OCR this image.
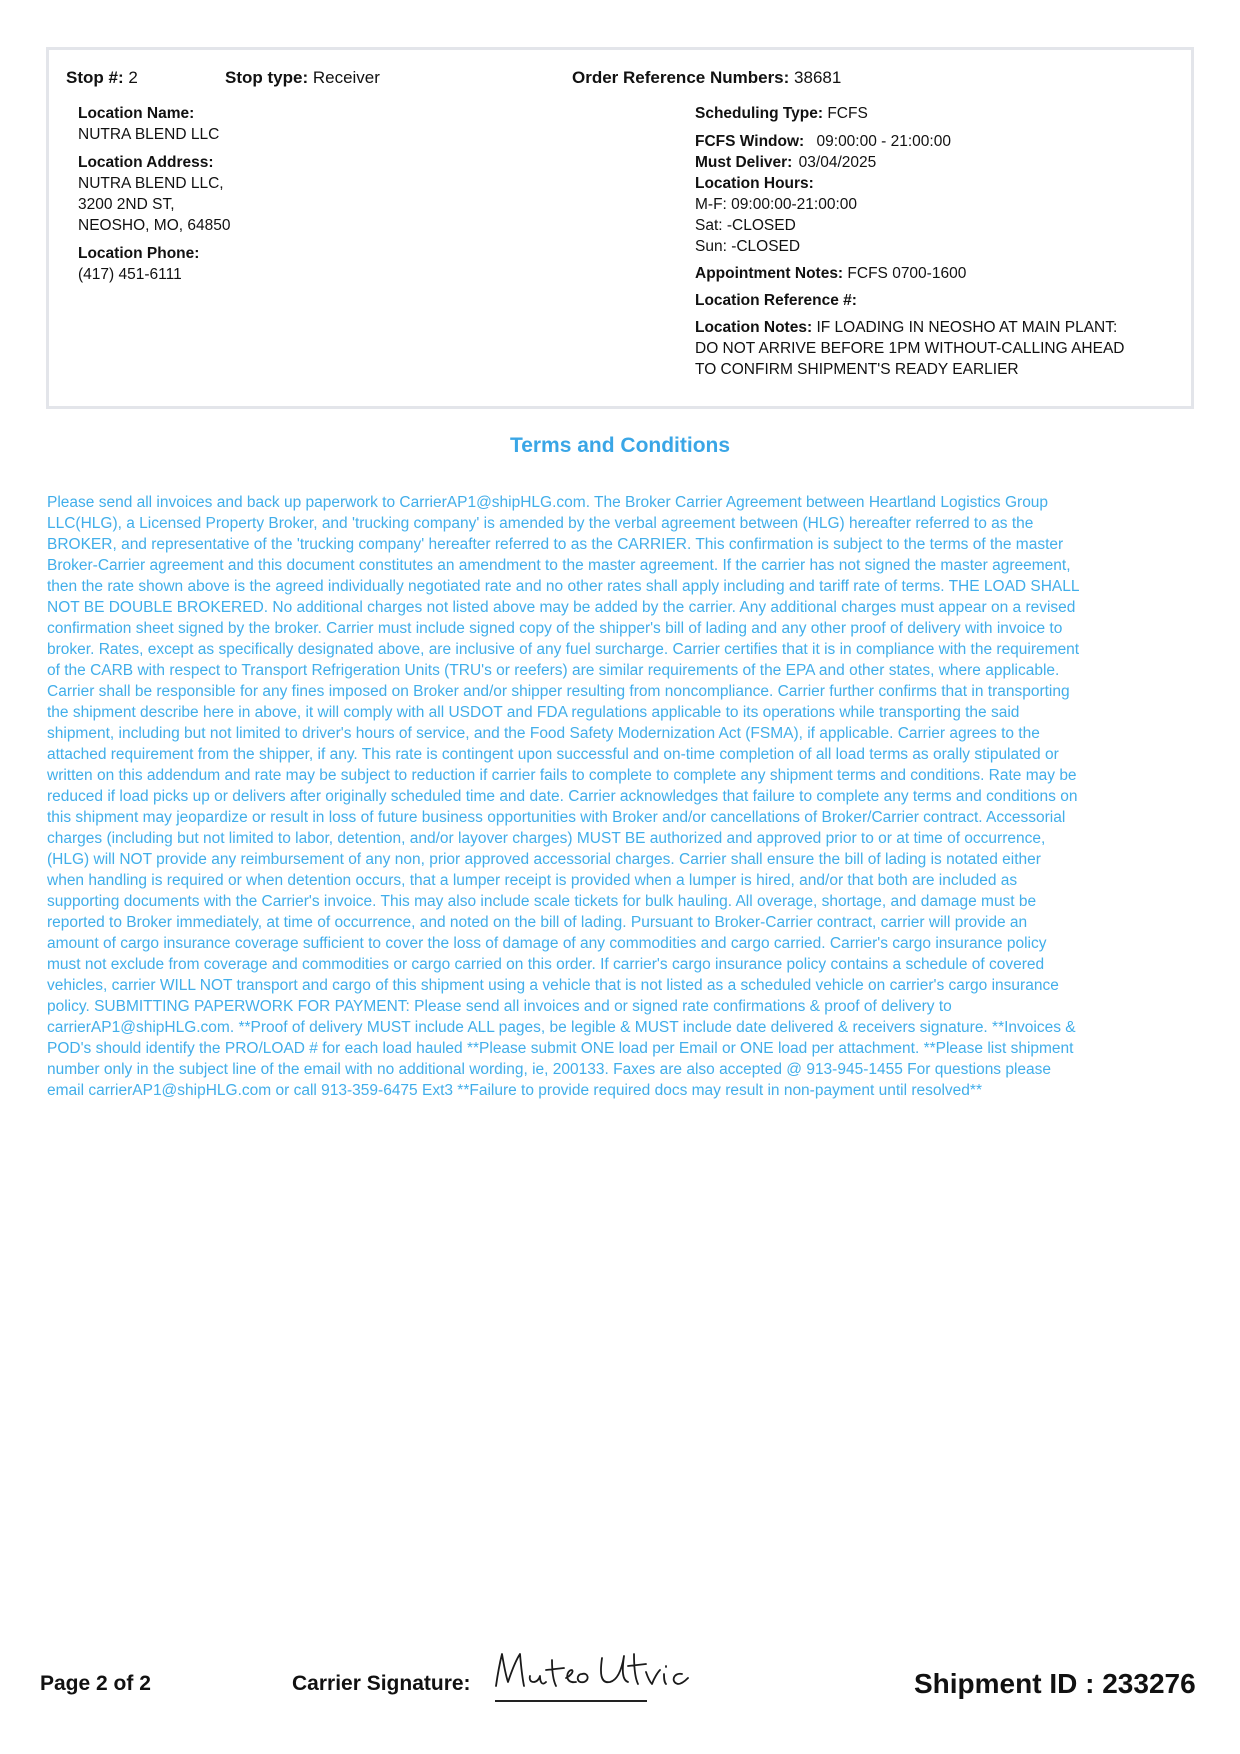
Stop #: 2	Stop type: Receiver	Order Reference Numbers: 38681
Location Name:
NUTRA BLEND LLC
Location Address:
NUTRA BLEND LLC,
3200 2ND ST,
NEOSHO, MO, 64850
Location Phone:
(417) 451-6111
Scheduling Type: FCFS
FCFS Window: 09:00:00 - 21:00:00
Must Deliver: 03/04/2025
Location Hours:
M-F: 09:00:00-21:00:00
Sat: -CLOSED
Sun: -CLOSED
Appointment Notes: FCFS 0700-1600
Location Reference #:
Location Notes: IF LOADING IN NEOSHO AT MAIN PLANT:
DO NOT ARRIVE BEFORE 1PM WITHOUT-CALLING AHEAD
TO CONFIRM SHIPMENT'S READY EARLIER
Terms and Conditions
Please send all invoices and back up paperwork to CarrierAP1@shipHLG.com. The Broker Carrier Agreement between Heartland Logistics Group
LLC(HLG), a Licensed Property Broker, and 'trucking company' is amended by the verbal agreement between (HLG) hereafter referred to as the
BROKER, and representative of the 'trucking company' hereafter referred to as the CARRIER. This confirmation is subject to the terms of the master
Broker-Carrier agreement and this document constitutes an amendment to the master agreement. If the carrier has not signed the master agreement,
then the rate shown above is the agreed individually negotiated rate and no other rates shall apply including and tariff rate of terms. THE LOAD SHALL
NOT BE DOUBLE BROKERED. No additional charges not listed above may be added by the carrier. Any additional charges must appear on a revised
confirmation sheet signed by the broker. Carrier must include signed copy of the shipper's bill of lading and any other proof of delivery with invoice to
broker. Rates, except as specifically designated above, are inclusive of any fuel surcharge. Carrier certifies that it is in compliance with the requirement
of the CARB with respect to Transport Refrigeration Units (TRU's or reefers) are similar requirements of the EPA and other states, where applicable.
Carrier shall be responsible for any fines imposed on Broker and/or shipper resulting from noncompliance. Carrier further confirms that in transporting
the shipment describe here in above, it will comply with all USDOT and FDA regulations applicable to its operations while transporting the said
shipment, including but not limited to driver's hours of service, and the Food Safety Modernization Act (FSMA), if applicable. Carrier agrees to the
attached requirement from the shipper, if any. This rate is contingent upon successful and on-time completion of all load terms as orally stipulated or
written on this addendum and rate may be subject to reduction if carrier fails to complete to complete any shipment terms and conditions. Rate may be
reduced if load picks up or delivers after originally scheduled time and date. Carrier acknowledges that failure to complete any terms and conditions on
this shipment may jeopardize or result in loss of future business opportunities with Broker and/or cancellations of Broker/Carrier contract. Accessorial
charges (including but not limited to labor, detention, and/or layover charges) MUST BE authorized and approved prior to or at time of occurrence,
(HLG) will NOT provide any reimbursement of any non, prior approved accessorial charges. Carrier shall ensure the bill of lading is notated either
when handling is required or when detention occurs, that a lumper receipt is provided when a lumper is hired, and/or that both are included as
supporting documents with the Carrier's invoice. This may also include scale tickets for bulk hauling. All overage, shortage, and damage must be
reported to Broker immediately, at time of occurrence, and noted on the bill of lading. Pursuant to Broker-Carrier contract, carrier will provide an
amount of cargo insurance coverage sufficient to cover the loss of damage of any commodities and cargo carried. Carrier's cargo insurance policy
must not exclude from coverage and commodities or cargo carried on this order. If carrier's cargo insurance policy contains a schedule of covered
vehicles, carrier WILL NOT transport and cargo of this shipment using a vehicle that is not listed as a scheduled vehicle on carrier's cargo insurance
policy. SUBMITTING PAPERWORK FOR PAYMENT: Please send all invoices and or signed rate confirmations & proof of delivery to
carrierAP1@shipHLG.com. **Proof of delivery MUST include ALL pages, be legible & MUST include date delivered & receivers signature. **Invoices &
POD's should identify the PRO/LOAD # for each load hauled **Please submit ONE load per Email or ONE load per attachment. **Please list shipment
number only in the subject line of the email with no additional wording, ie, 200133. Faxes are also accepted @ 913-945-1455 For questions please
email carrierAP1@shipHLG.com or call 913-359-6475 Ext3 **Failure to provide required docs may result in non-payment until resolved**
Page 2 of 2	Carrier Signature:	Shipment ID : 233276
